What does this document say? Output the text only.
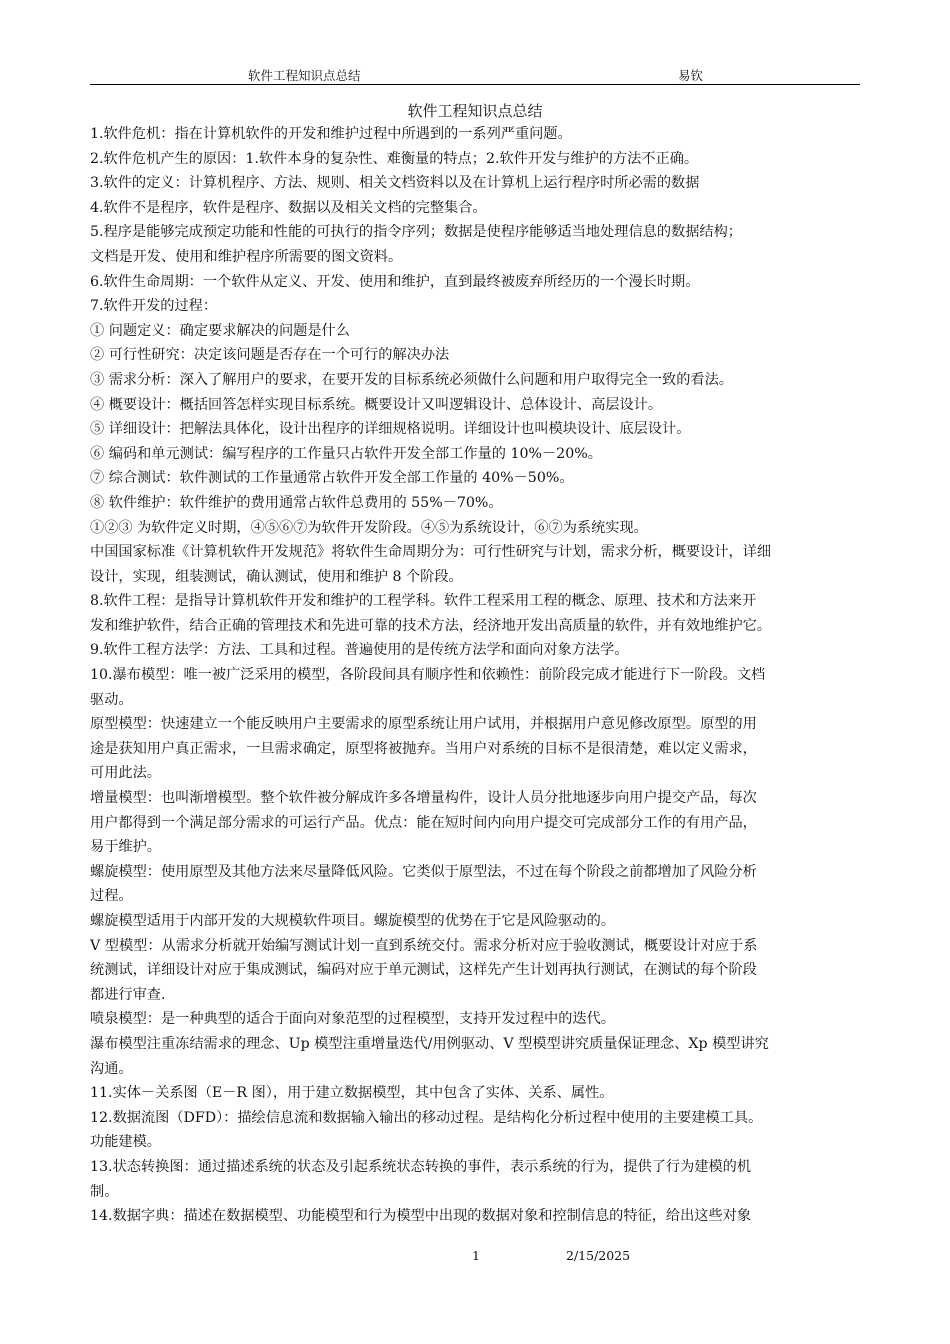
软件工程知识点总结	易钦
软件工程知识点总结
1.软件危机：指在计算机软件的开发和维护过程中所遇到的一系列严重问题。
2.软件危机产生的原因：1.软件本身的复杂性、难衡量的特点；2.软件开发与维护的方法不正确。
3.软件的定义：计算机程序、方法、规则、相关文档资料以及在计算机上运行程序时所必需的数据
4.软件不是程序，软件是程序、数据以及相关文档的完整集合。
5.程序是能够完成预定功能和性能的可执行的指令序列；数据是使程序能够适当地处理信息的数据结构；
文档是开发、使用和维护程序所需要的图文资料。
6.软件生命周期：一个软件从定义、开发、使用和维护，直到最终被废弃所经历的一个漫长时期。
7.软件开发的过程：
① 问题定义：确定要求解决的问题是什么
② 可行性研究：决定该问题是否存在一个可行的解决办法
③ 需求分析：深入了解用户的要求，在要开发的目标系统必须做什么问题和用户取得完全一致的看法。
④ 概要设计：概括回答怎样实现目标系统。概要设计又叫逻辑设计、总体设计、高层设计。
⑤ 详细设计：把解法具体化，设计出程序的详细规格说明。详细设计也叫模块设计、底层设计。
⑥ 编码和单元测试：编写程序的工作量只占软件开发全部工作量的 10%－20%。
⑦ 综合测试：软件测试的工作量通常占软件开发全部工作量的 40%－50%。
⑧ 软件维护：软件维护的费用通常占软件总费用的 55%－70%。
①②③ 为软件定义时期，④⑤⑥⑦为软件开发阶段。④⑤为系统设计，⑥⑦为系统实现。
中国国家标准《计算机软件开发规范》将软件生命周期分为：可行性研究与计划，需求分析，概要设计，详细
设计，实现，组装测试，确认测试，使用和维护 8 个阶段。
8.软件工程：是指导计算机软件开发和维护的工程学科。软件工程采用工程的概念、原理、技术和方法来开
发和维护软件，结合正确的管理技术和先进可靠的技术方法，经济地开发出高质量的软件，并有效地维护它。
9.软件工程方法学：方法、工具和过程。普遍使用的是传统方法学和面向对象方法学。
10.瀑布模型：唯一被广泛采用的模型，各阶段间具有顺序性和依赖性：前阶段完成才能进行下一阶段。文档
驱动。
原型模型：快速建立一个能反映用户主要需求的原型系统让用户试用，并根据用户意见修改原型。原型的用
途是获知用户真正需求，一旦需求确定，原型将被抛弃。当用户对系统的目标不是很清楚，难以定义需求，
可用此法。
增量模型：也叫渐增模型。整个软件被分解成许多各增量构件，设计人员分批地逐步向用户提交产品，每次
用户都得到一个满足部分需求的可运行产品。优点：能在短时间内向用户提交可完成部分工作的有用产品，
易于维护。
螺旋模型：使用原型及其他方法来尽量降低风险。它类似于原型法，不过在每个阶段之前都增加了风险分析
过程。
螺旋模型适用于内部开发的大规模软件项目。螺旋模型的优势在于它是风险驱动的。
V 型模型：从需求分析就开始编写测试计划一直到系统交付。需求分析对应于验收测试，概要设计对应于系
统测试，详细设计对应于集成测试，编码对应于单元测试，这样先产生计划再执行测试，在测试的每个阶段
都进行审查.
喷泉模型：是一种典型的适合于面向对象范型的过程模型，支持开发过程中的迭代。
瀑布模型注重冻结需求的理念、Up 模型注重增量迭代/用例驱动、V 型模型讲究质量保证理念、Xp 模型讲究
沟通。
11.实体－关系图（E－R 图），用于建立数据模型，其中包含了实体、关系、属性。
12.数据流图（DFD）：描绘信息流和数据输入输出的移动过程。是结构化分析过程中使用的主要建模工具。
功能建模。
13.状态转换图：通过描述系统的状态及引起系统状态转换的事件，表示系统的行为，提供了行为建模的机
制。
14.数据字典：描述在数据模型、功能模型和行为模型中出现的数据对象和控制信息的特征，给出这些对象
1	2/15/2025
